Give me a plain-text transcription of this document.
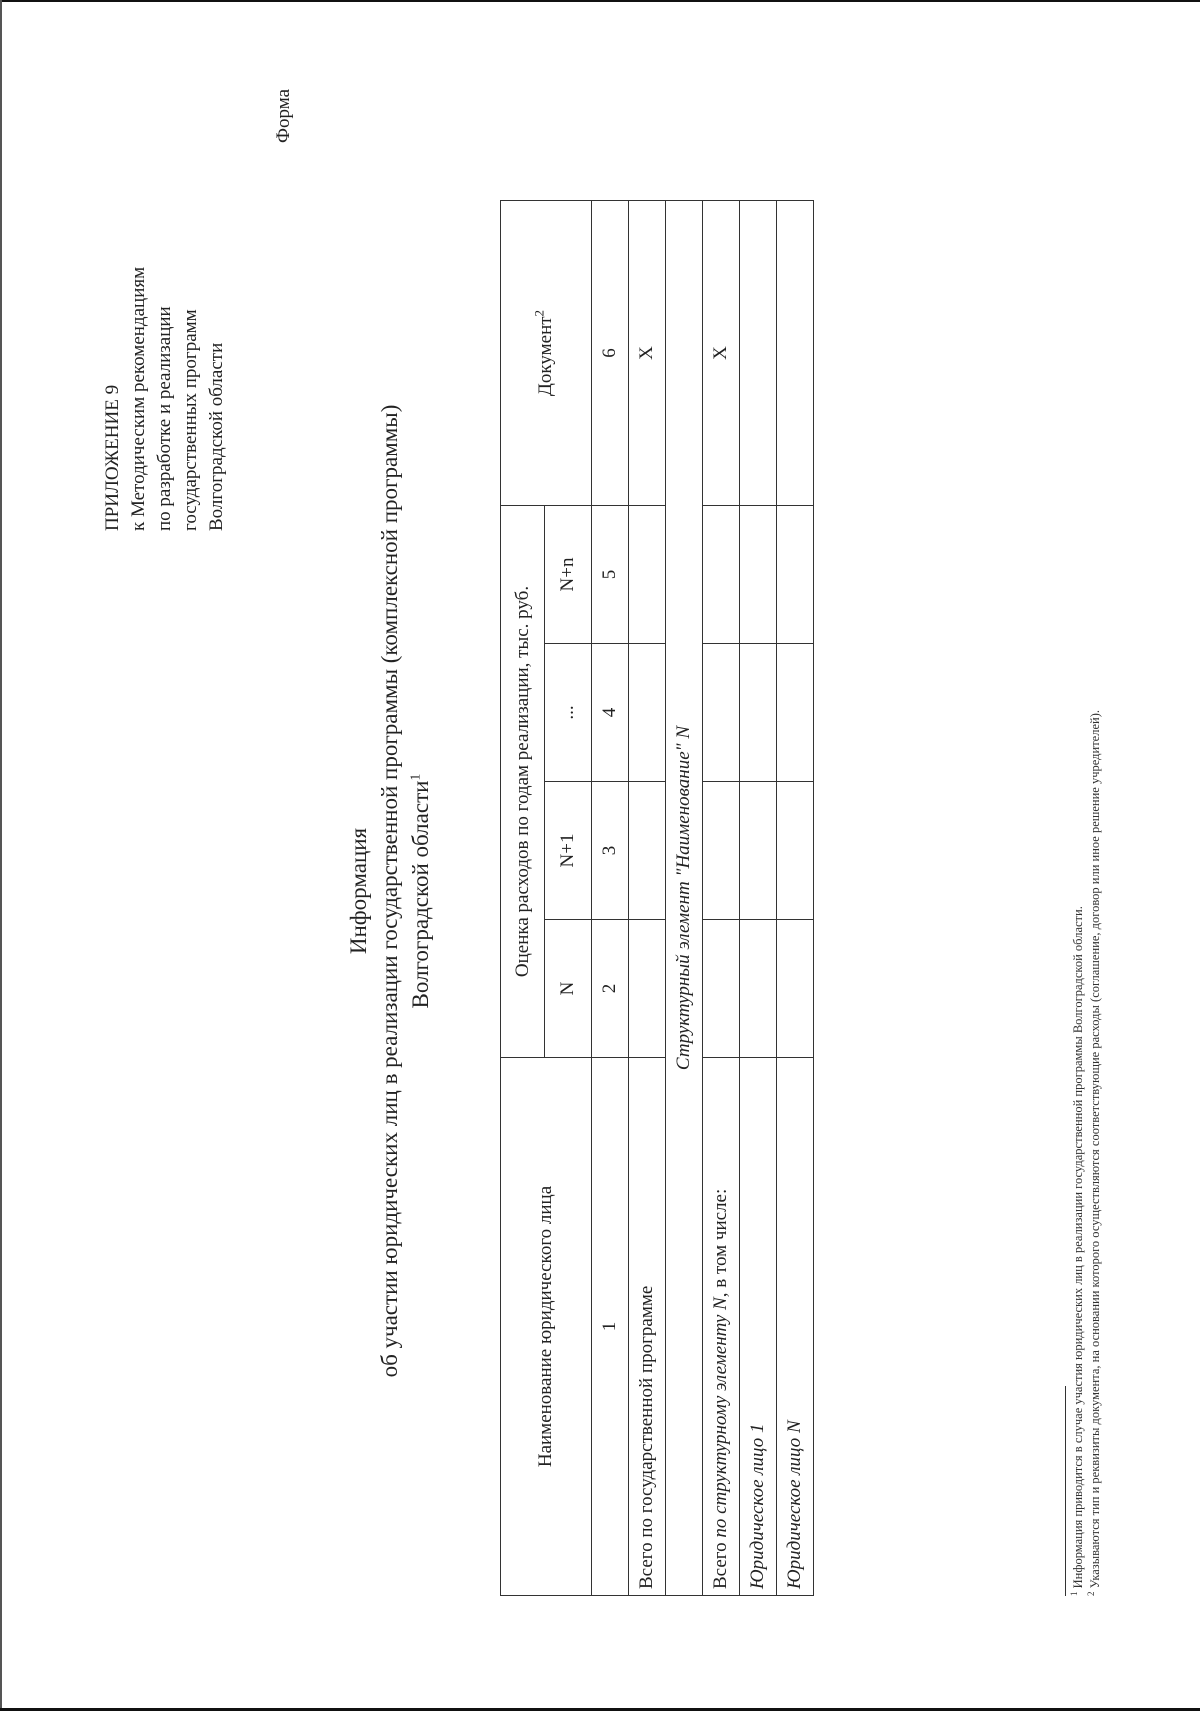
ПРИЛОЖЕНИЕ 9 к Методическим рекомендациям по разработке и реализации государственных программ Волгоградской области
Форма
Информация об участии юридических лиц в реализации государственной программы (комплексной программы) Волгоградской области$^1$
Наименование юридического лица	Оценка расходов по годам реализации, тыс. руб.				Документ$^2$
	N	N+1	...	N+n	
1	2	3	4	5	6
Всего по государственной программе					X
Структурный элемент "Наименование" N					
Всего по структурному элементу N, в том числе:					X
Юридическое лицо 1					
Юридическое лицо N					
$^1$ Информация приводится в случае участия юридических лиц в реализации государственной программы Волгоградской области.
$^2$ Указываются тип и реквизиты документа, на основании которого осуществляются соответствующие расходы (соглашение, договор или иное решение учредителей).
